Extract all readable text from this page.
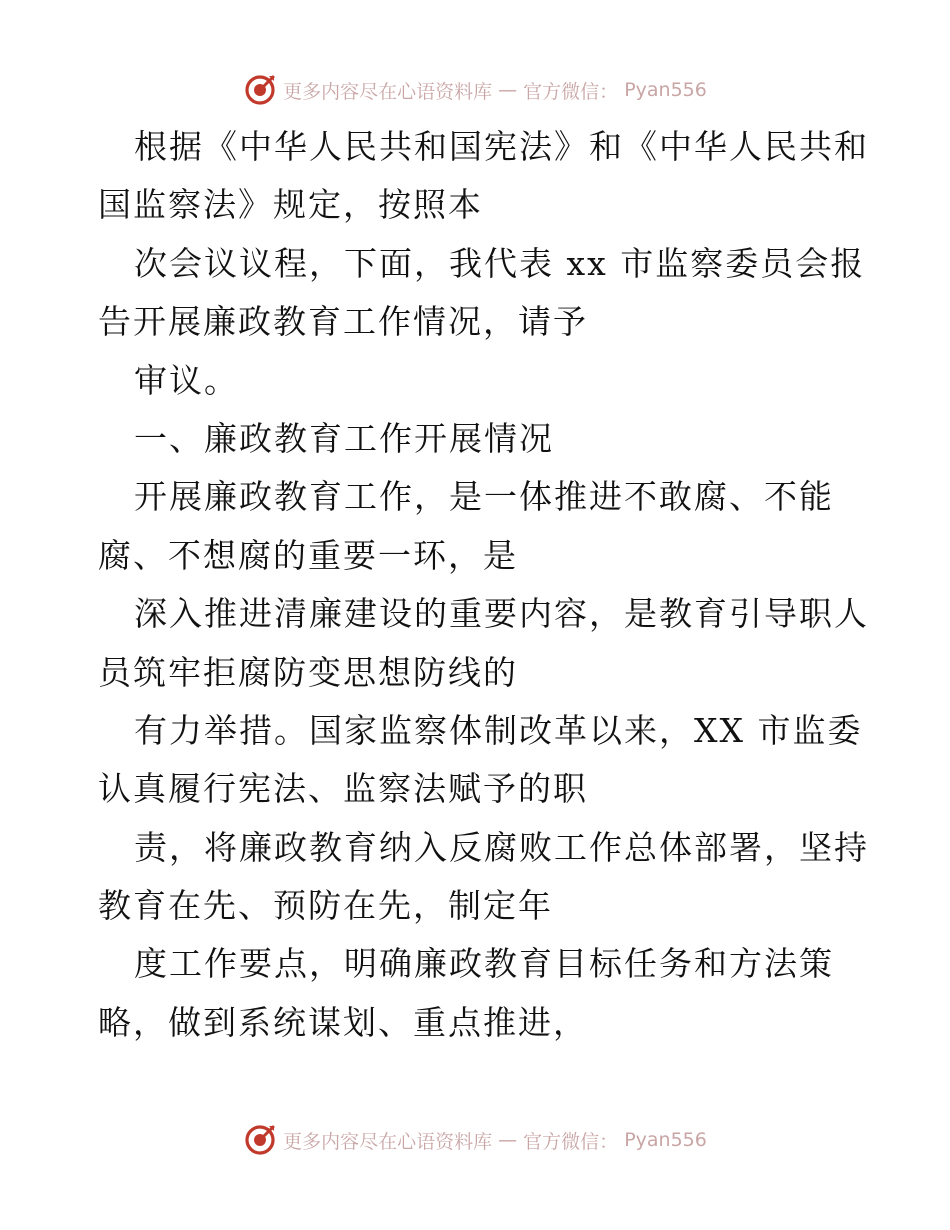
更多内容尽在心语资料库 — 官方微信： Pyan556
根据《中华人民共和国宪法》和《中华人民共和
国监察法》规定，按照本
次会议议程，下面，我代表 xx 市监察委员会报
告开展廉政教育工作情况，请予
审议。
一、廉政教育工作开展情况
开展廉政教育工作，是一体推进不敢腐、不能
腐、不想腐的重要一环，是
深入推进清廉建设的重要内容，是教育引导职人
员筑牢拒腐防变思想防线的
有力举措。国家监察体制改革以来，XX 市监委
认真履行宪法、监察法赋予的职
责，将廉政教育纳入反腐败工作总体部署，坚持
教育在先、预防在先，制定年
度工作要点，明确廉政教育目标任务和方法策
略，做到系统谋划、重点推进，
更多内容尽在心语资料库 — 官方微信： Pyan556
